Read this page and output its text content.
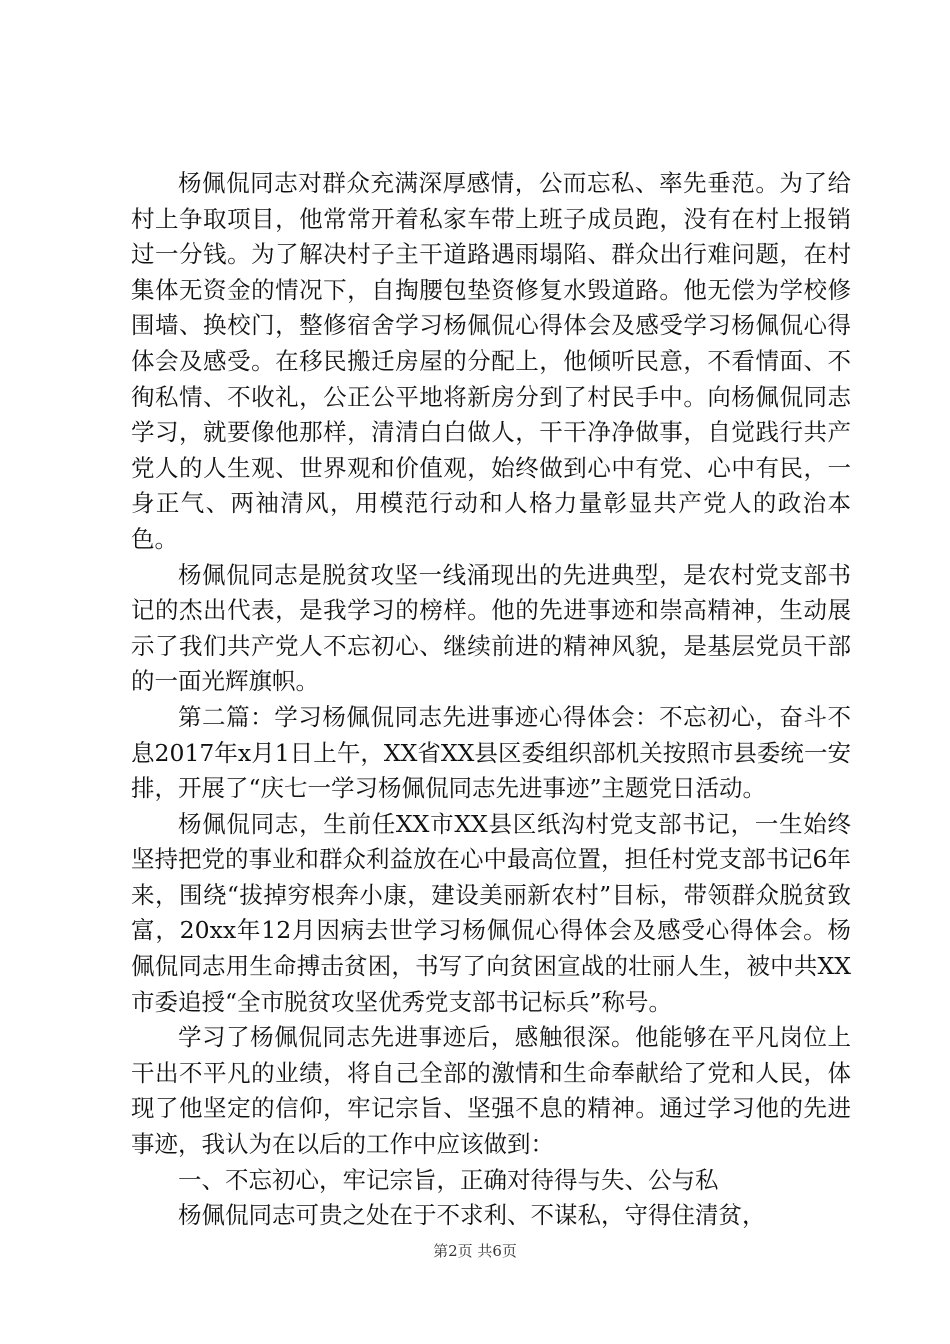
杨佩侃同志对群众充满深厚感情，公而忘私、率先垂范。为了给村上争取项目，他常常开着私家车带上班子成员跑，没有在村上报销过一分钱。为了解决村子主干道路遇雨塌陷、群众出行难问题，在村集体无资金的情况下，自掏腰包垫资修复水毁道路。他无偿为学校修围墙、换校门，整修宿舍学习杨佩侃心得体会及感受学习杨佩侃心得体会及感受。在移民搬迁房屋的分配上，他倾听民意，不看情面、不徇私情、不收礼，公正公平地将新房分到了村民手中。向杨佩侃同志学习，就要像他那样，清清白白做人，干干净净做事，自觉践行共产党人的人生观、世界观和价值观，始终做到心中有党、心中有民，一身正气、两袖清风，用模范行动和人格力量彰显共产党人的政治本色。

杨佩侃同志是脱贫攻坚一线涌现出的先进典型，是农村党支部书记的杰出代表，是我学习的榜样。他的先进事迹和崇高精神，生动展示了我们共产党人不忘初心、继续前进的精神风貌，是基层党员干部的一面光辉旗帜。

第二篇：学习杨佩侃同志先进事迹心得体会：不忘初心，奋斗不息2017年x月1日上午，XX省XX县区委组织部机关按照市县委统一安排，开展了“庆七一学习杨佩侃同志先进事迹”主题党日活动。

杨佩侃同志，生前任XX市XX县区纸沟村党支部书记，一生始终坚持把党的事业和群众利益放在心中最高位置，担任村党支部书记6年来，围绕“拔掉穷根奔小康，建设美丽新农村”目标，带领群众脱贫致富，20xx年12月因病去世学习杨佩侃心得体会及感受心得体会。杨佩侃同志用生命搏击贫困，书写了向贫困宣战的壮丽人生，被中共XX市委追授“全市脱贫攻坚优秀党支部书记标兵”称号。

学习了杨佩侃同志先进事迹后，感触很深。他能够在平凡岗位上干出不平凡的业绩，将自己全部的激情和生命奉献给了党和人民，体现了他坚定的信仰，牢记宗旨、坚强不息的精神。通过学习他的先进事迹，我认为在以后的工作中应该做到：

一、不忘初心，牢记宗旨，正确对待得与失、公与私

杨佩侃同志可贵之处在于不求利、不谋私，守得住清贫，

第2页 共6页
